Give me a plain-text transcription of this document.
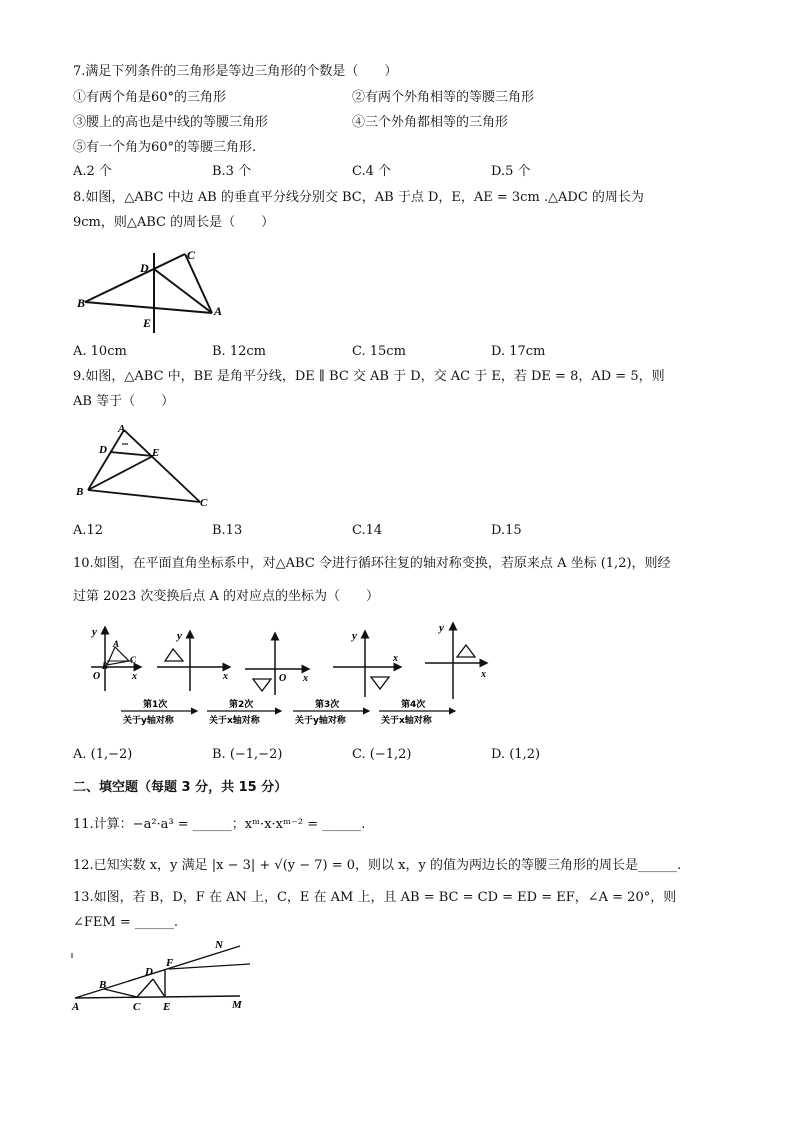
7.满足下列条件的三角形是等边三角形的个数是（　　）
①有两个角是60°的三角形	②有两个外角相等的等腰三角形
③腰上的高也是中线的等腰三角形	④三个外角都相等的三角形
⑤有一个角为60°的等腰三角形.
A.2 个	B.3 个	C.4 个	D.5 个
8.如图，△ABC 中边 AB 的垂直平分线分别交 BC，AB 于点 D，E，AE = 3cm .△ADC 的周长为
9cm，则△ABC 的周长是（　　）
D
C
B
A
E
A. 10cm	B. 12cm	C. 15cm	D. 17cm
9.如图，△ABC 中，BE 是角平分线，DE ∥ BC 交 AB 于 D，交 AC 于 E，若 DE = 8，AD = 5，则
AB 等于（　　）
A
D	E
B
C
A.12	B.13	C.14	D.15
10.如图，在平面直角坐标系中，对△ABC 令进行循环往复的轴对称变换，若原来点 A 坐标 (1,2)，则经
过第 2023 次变换后点 A 的对应点的坐标为（　　）
y
x
O
A
B
C
y
x	O x
y
x
y
x
第1次
关于y轴对称
第2次
关于x轴对称
第3次
关于y轴对称
第4次
关于x轴对称
A. (1,−2)	B. (−1,−2)	C. (−1,2)	D. (1,2)
二、填空题（每题 3 分，共 15 分）
11.计算：−a²·a³ = ______；xᵐ·x·xᵐ⁻² = ______.
12.已知实数 x，y 满足 |x − 3| + √(y − 7) = 0，则以 x，y 的值为两边长的等腰三角形的周长是______.
13.如图，若 B，D，F 在 AN 上，C，E 在 AM 上，且 AB = BC = CD = ED = EF，∠A = 20°，则
∠FEM = ______.
N
D
F
B
A	C E	M
